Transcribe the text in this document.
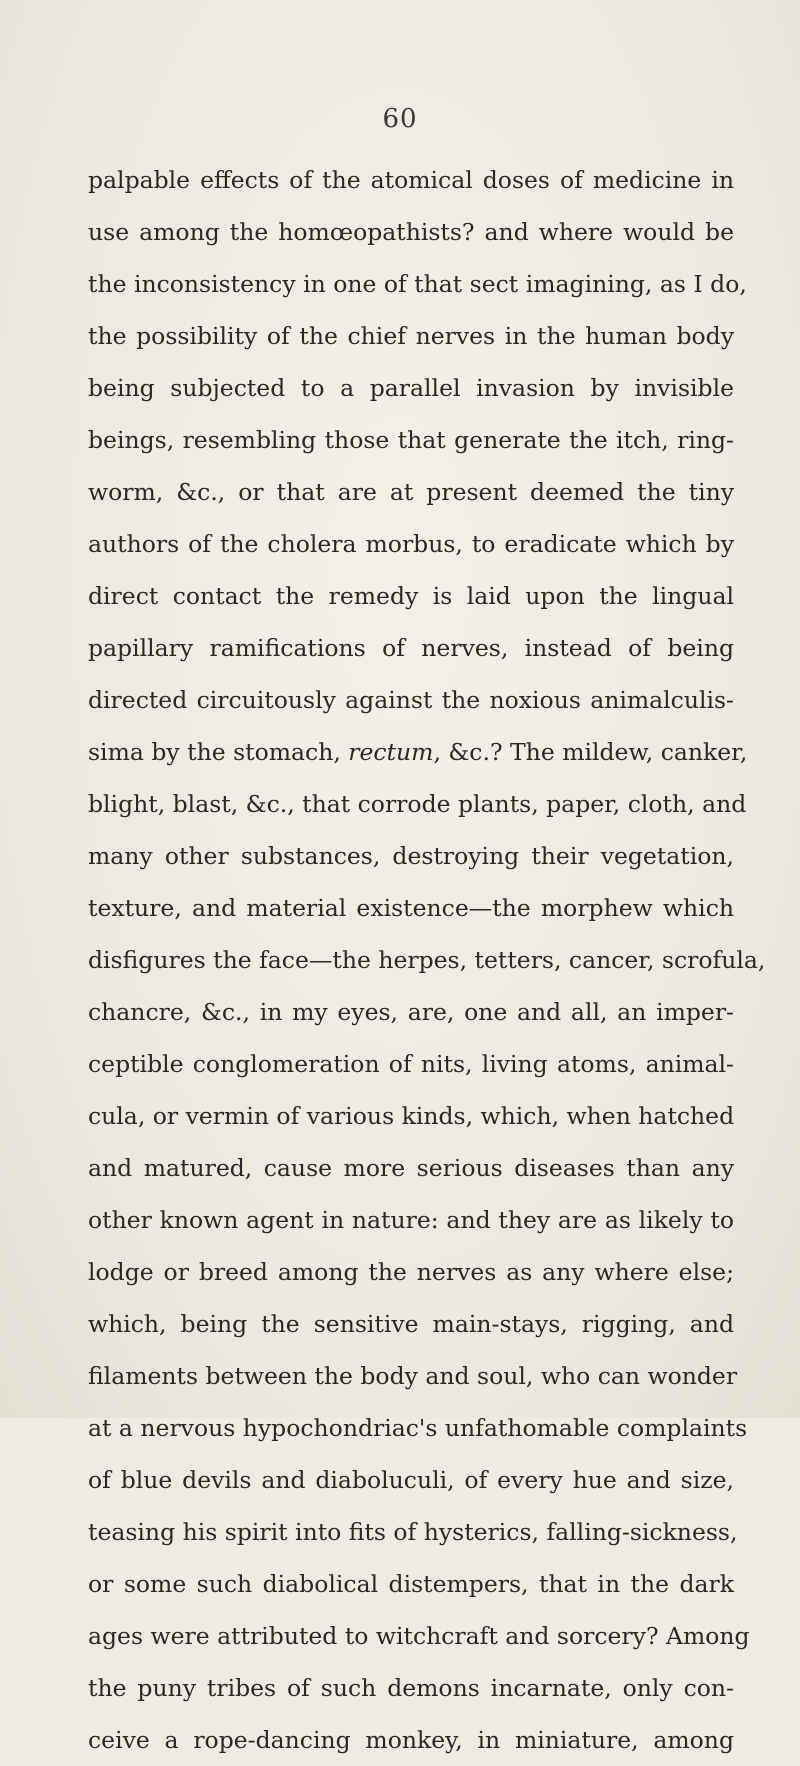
60
palpable effects of the atomical doses of medicine in
use among the homœopathists? and where would be
the inconsistency in one of that sect imagining, as I do,
the possibility of the chief nerves in the human body
being subjected to a parallel invasion by invisible
beings, resembling those that generate the itch, ring-
worm, &c., or that are at present deemed the tiny
authors of the cholera morbus, to eradicate which by
direct contact the remedy is laid upon the lingual
papillary ramifications of nerves, instead of being
directed circuitously against the noxious animalculis-
sima by the stomach, rectum, &c.? The mildew, canker,
blight, blast, &c., that corrode plants, paper, cloth, and
many other substances, destroying their vegetation,
texture, and material existence—the morphew which
disfigures the face—the herpes, tetters, cancer, scrofula,
chancre, &c., in my eyes, are, one and all, an imper-
ceptible conglomeration of nits, living atoms, animal-
cula, or vermin of various kinds, which, when hatched
and matured, cause more serious diseases than any
other known agent in nature: and they are as likely to
lodge or breed among the nerves as any where else;
which, being the sensitive main-stays, rigging, and
filaments between the body and soul, who can wonder
at a nervous hypochondriac's unfathomable complaints
of blue devils and diaboluculi, of every hue and size,
teasing his spirit into fits of hysterics, falling-sickness,
or some such diabolical distempers, that in the dark
ages were attributed to witchcraft and sorcery? Among
the puny tribes of such demons incarnate, only con-
ceive a rope-dancing monkey, in miniature, among
